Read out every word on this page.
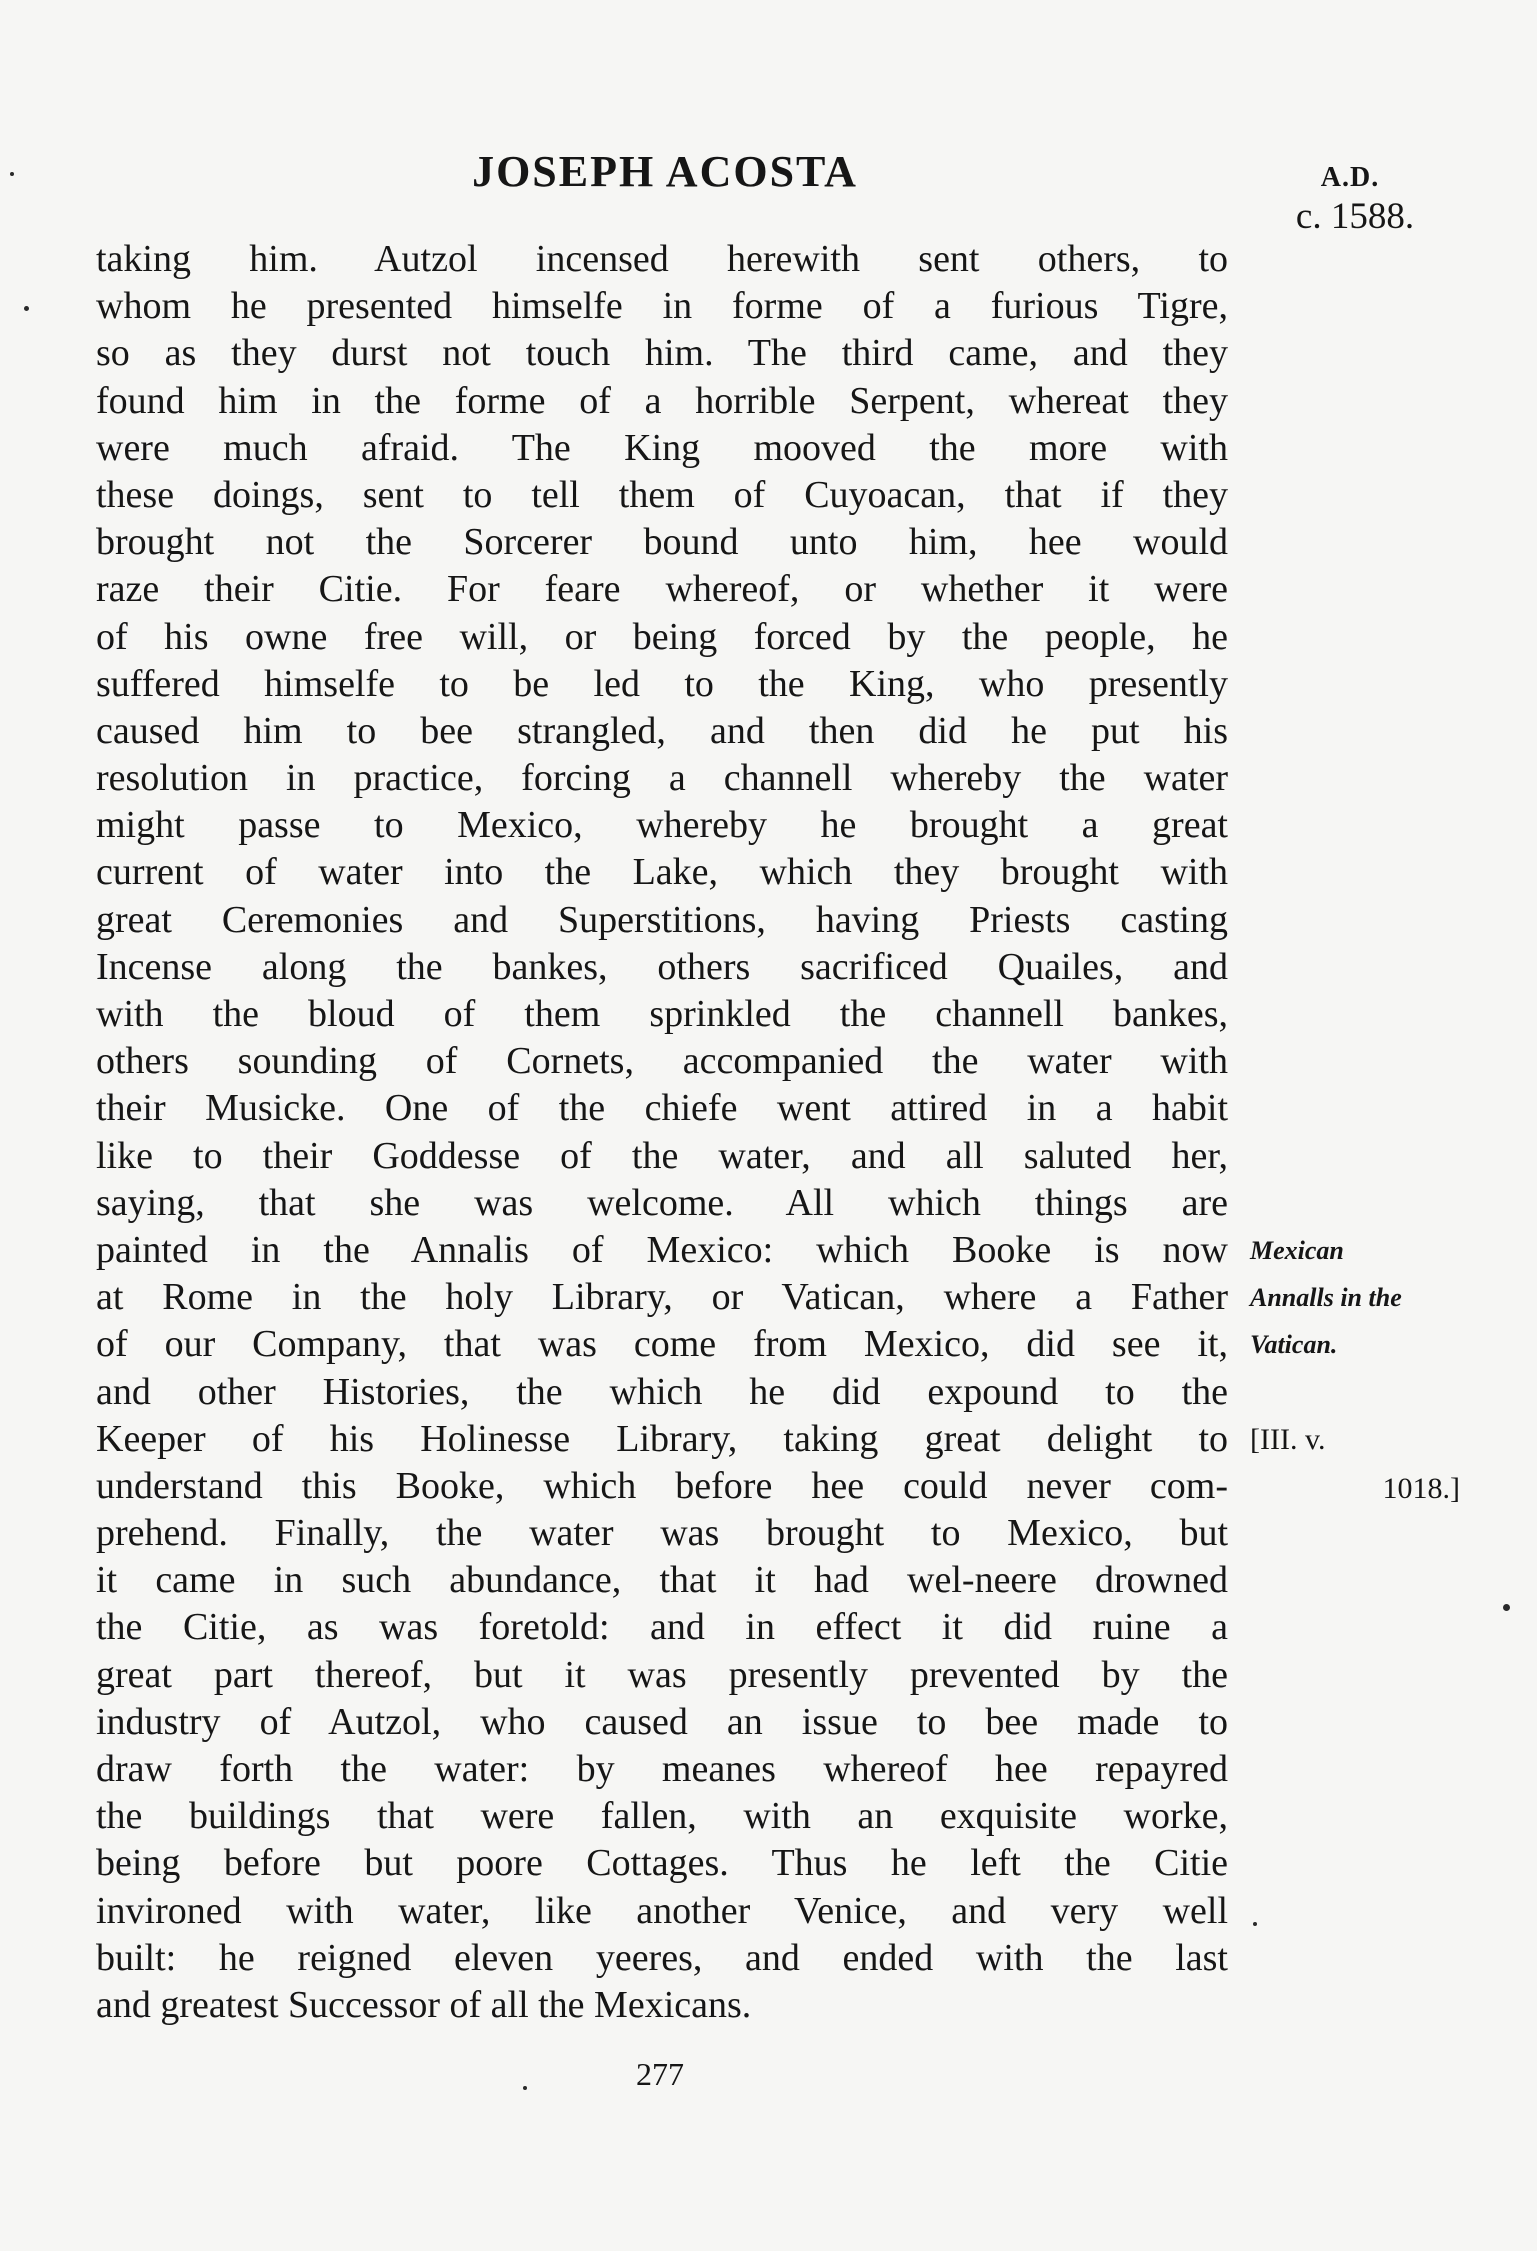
JOSEPH ACOSTA	A.D.
c. 1588.
taking him. Autzol incensed herewith sent others, to
whom he presented himselfe in forme of a furious Tigre,
so as they durst not touch him. The third came, and they
found him in the forme of a horrible Serpent, whereat they
were much afraid. The King mooved the more with
these doings, sent to tell them of Cuyoacan, that if they
brought not the Sorcerer bound unto him, hee would
raze their Citie. For feare whereof, or whether it were
of his owne free will, or being forced by the people, he
suffered himselfe to be led to the King, who presently
caused him to bee strangled, and then did he put his
resolution in practice, forcing a channell whereby the water
might passe to Mexico, whereby he brought a great
current of water into the Lake, which they brought with
great Ceremonies and Superstitions, having Priests casting
Incense along the bankes, others sacrificed Quailes, and
with the bloud of them sprinkled the channell bankes,
others sounding of Cornets, accompanied the water with
their Musicke. One of the chiefe went attired in a habit
like to their Goddesse of the water, and all saluted her,
saying, that she was welcome. All which things are
painted in the Annalis of Mexico: which Booke is now
at Rome in the holy Library, or Vatican, where a Father
of our Company, that was come from Mexico, did see it,
and other Histories, the which he did expound to the
Keeper of his Holinesse Library, taking great delight to
understand this Booke, which before hee could never com-
prehend. Finally, the water was brought to Mexico, but
it came in such abundance, that it had wel-neere drowned
the Citie, as was foretold: and in effect it did ruine a
great part thereof, but it was presently prevented by the
industry of Autzol, who caused an issue to bee made to
draw forth the water: by meanes whereof hee repayred
the buildings that were fallen, with an exquisite worke,
being before but poore Cottages. Thus he left the Citie
invironed with water, like another Venice, and very well
built: he reigned eleven yeeres, and ended with the last
and greatest Successor of all the Mexicans.
Mexican
Annalls in the
Vatican.
[III. v.
1018.]
277
